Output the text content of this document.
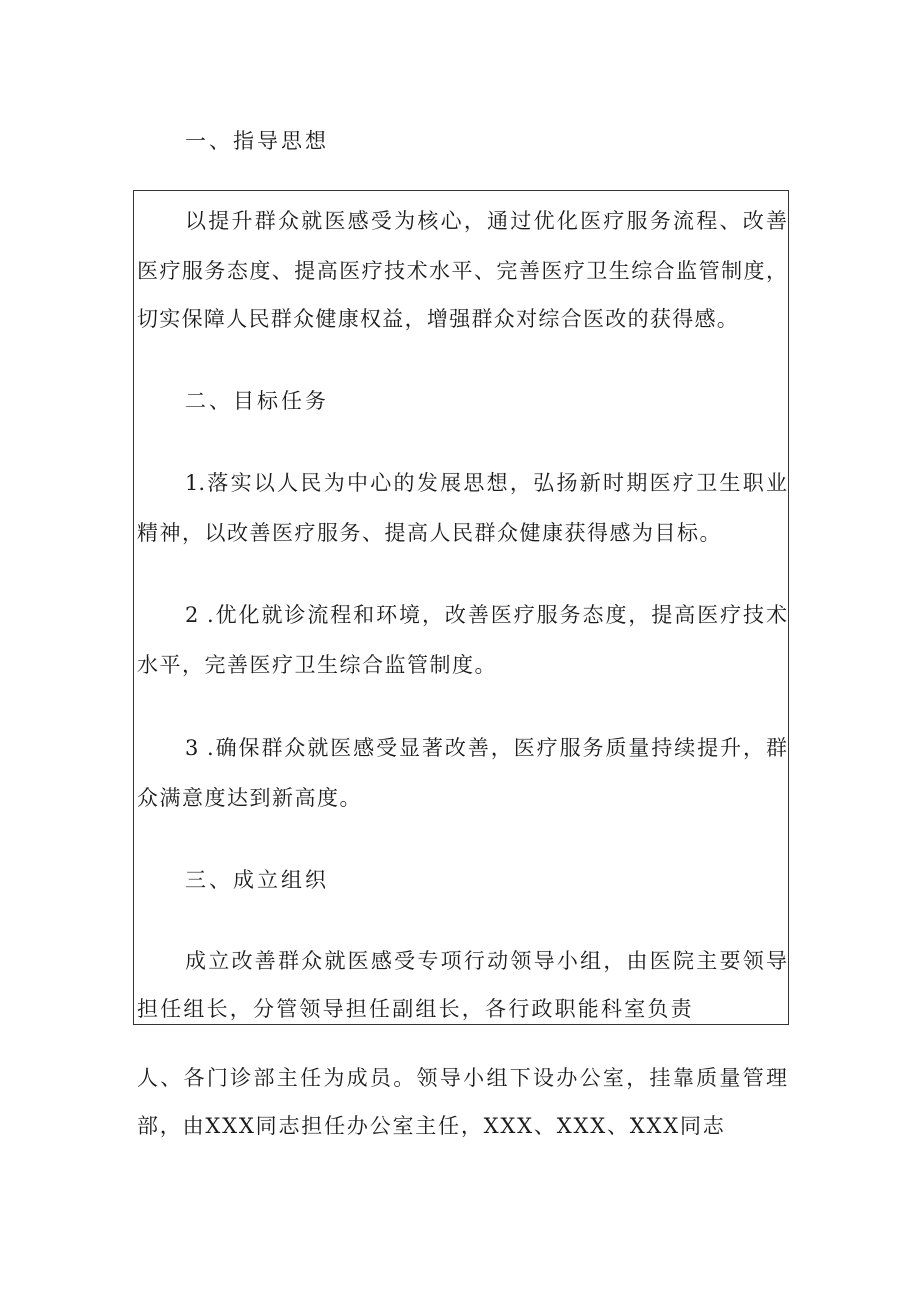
一、指导思想

以提升群众就医感受为核心，通过优化医疗服务流程、改善

医疗服务态度、提高医疗技术水平、完善医疗卫生综合监管制度，

切实保障人民群众健康权益，增强群众对综合医改的获得感。

二、目标任务

1.落实以人民为中心的发展思想，弘扬新时期医疗卫生职业

精神，以改善医疗服务、提高人民群众健康获得感为目标。

2 .优化就诊流程和环境，改善医疗服务态度，提高医疗技术

水平，完善医疗卫生综合监管制度。

3 .确保群众就医感受显著改善，医疗服务质量持续提升，群

众满意度达到新高度。

三、成立组织

成立改善群众就医感受专项行动领导小组，由医院主要领导

担任组长，分管领导担任副组长，各行政职能科室负责

人、各门诊部主任为成员。领导小组下设办公室，挂靠质量管理

部，由XXX同志担任办公室主任，XXX、XXX、XXX同志
